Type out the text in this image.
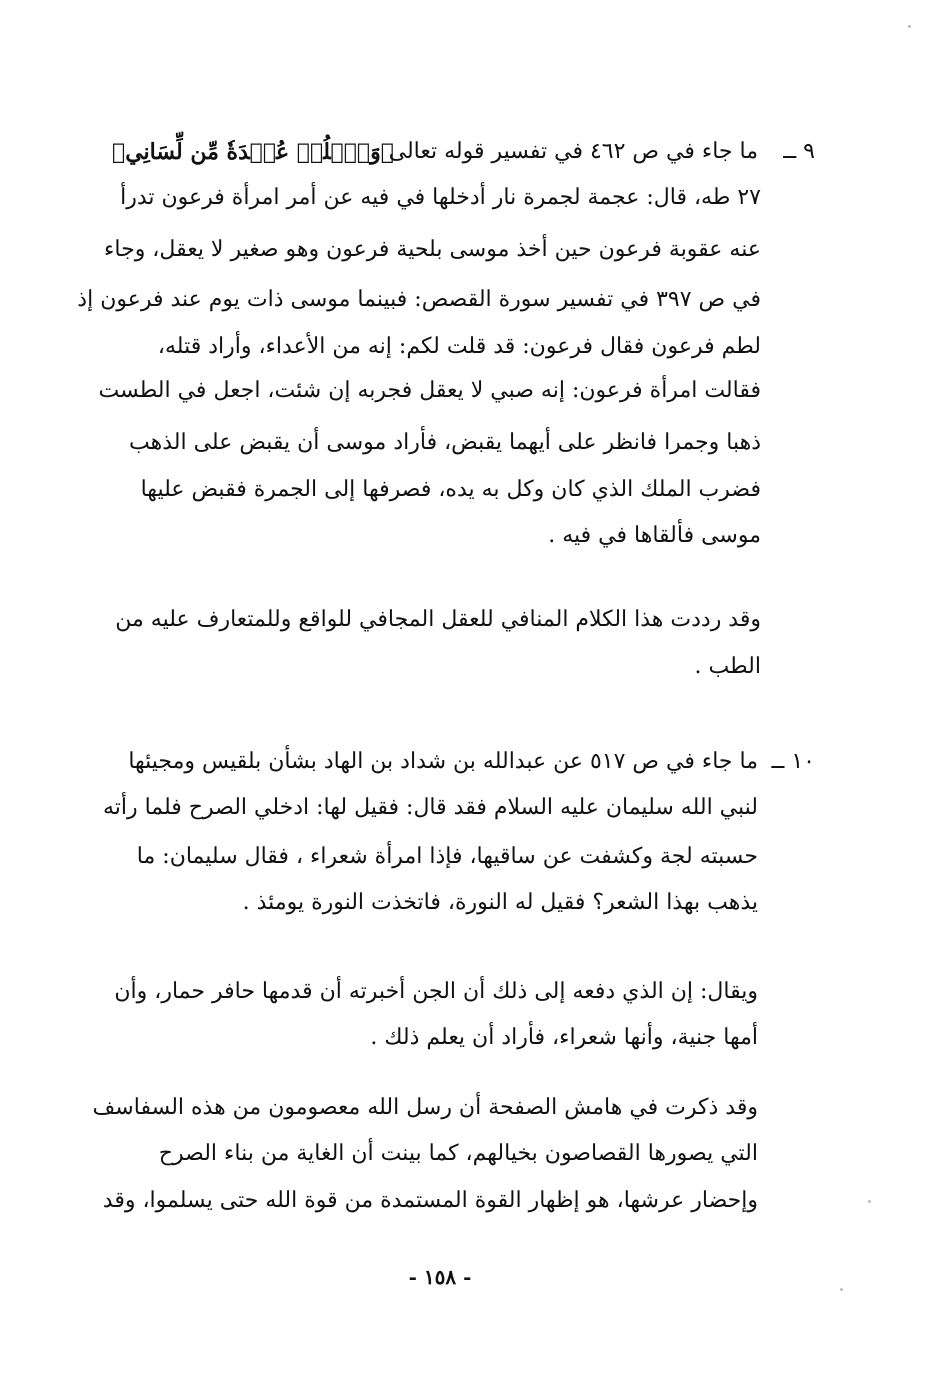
٩ ــ
ما جاء في ص ٤٦٢ في تفسير قوله تعالى :
﴿وَٱحۡلُلۡ عُقۡدَةٗ مِّن لِّسَانِي﴾
٢٧ طه، قال: عجمة لجمرة نار أدخلها في فيه عن أمر امرأة فرعون تدرأ
عنه عقوبة فرعون حين أخذ موسى بلحية فرعون وهو صغير لا يعقل، وجاء
في ص ٣٩٧ في تفسير سورة القصص: فبينما موسى ذات يوم عند فرعون إذ
لطم فرعون فقال فرعون: قد قلت لكم: إنه من الأعداء، وأراد قتله،
فقالت امرأة فرعون: إنه صبي لا يعقل فجربه إن شئت، اجعل في الطست
ذهبا وجمرا فانظر على أيهما يقبض، فأراد موسى أن يقبض على الذهب
فضرب الملك الذي كان وكل به يده، فصرفها إلى الجمرة فقبض عليها
موسى فألقاها في فيه .
وقد رددت هذا الكلام المنافي للعقل المجافي للواقع وللمتعارف عليه من
الطب .
١٠ ــ
ما جاء في ص ٥١٧ عن عبدالله بن شداد بن الهاد بشأن بلقيس ومجيئها
لنبي الله سليمان عليه السلام فقد قال: فقيل لها: ادخلي الصرح فلما رأته
حسبته لجة وكشفت عن ساقيها، فإذا امرأة شعراء ، فقال سليمان: ما
يذهب بهذا الشعر؟ فقيل له النورة، فاتخذت النورة يومئذ .
ويقال: إن الذي دفعه إلى ذلك أن الجن أخبرته أن قدمها حافر حمار، وأن
أمها جنية، وأنها شعراء، فأراد أن يعلم ذلك .
وقد ذكرت في هامش الصفحة أن رسل الله معصومون من هذه السفاسف
التي يصورها القصاصون بخيالهم، كما بينت أن الغاية من بناء الصرح
وإحضار عرشها، هو إظهار القوة المستمدة من قوة الله حتى يسلموا، وقد
- ١٥٨ -
